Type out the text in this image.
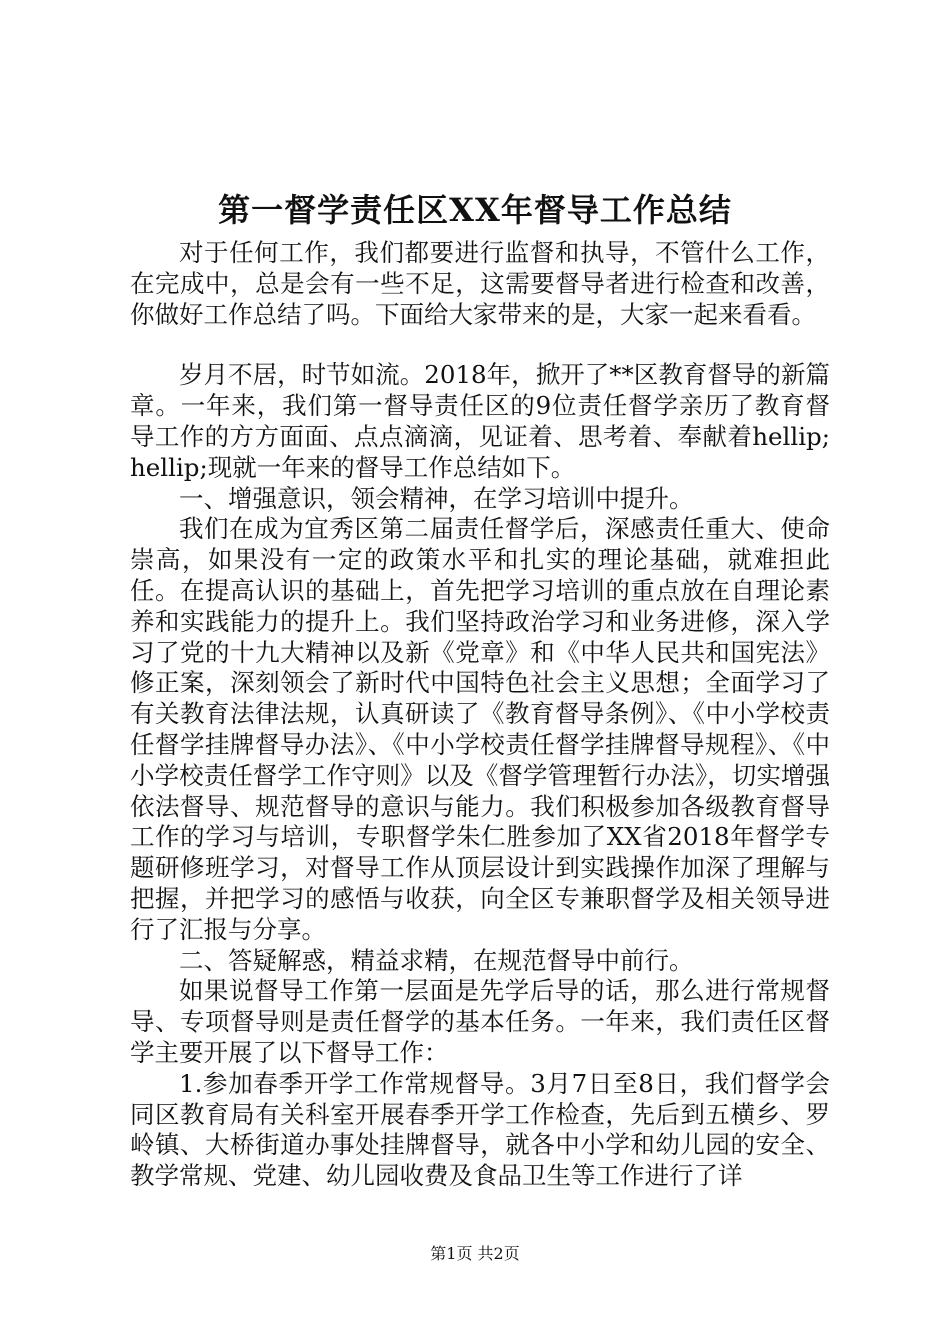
第一督学责任区XX年督导工作总结

对于任何工作，我们都要进行监督和执导，不管什么工作，在完成中，总是会有一些不足，这需要督导者进行检查和改善，你做好工作总结了吗。下面给大家带来的是，大家一起来看看。

岁月不居，时节如流。2018年，掀开了**区教育督导的新篇章。一年来，我们第一督导责任区的9位责任督学亲历了教育督导工作的方方面面、点点滴滴，见证着、思考着、奉献着hellip;hellip;现就一年来的督导工作总结如下。

一、增强意识，领会精神，在学习培训中提升。

我们在成为宜秀区第二届责任督学后，深感责任重大、使命崇高，如果没有一定的政策水平和扎实的理论基础，就难担此任。在提高认识的基础上，首先把学习培训的重点放在自理论素养和实践能力的提升上。我们坚持政治学习和业务进修，深入学习了党的十九大精神以及新《党章》和《中华人民共和国宪法》修正案，深刻领会了新时代中国特色社会主义思想；全面学习了有关教育法律法规，认真研读了《教育督导条例》、《中小学校责任督学挂牌督导办法》、《中小学校责任督学挂牌督导规程》、《中小学校责任督学工作守则》以及《督学管理暂行办法》，切实增强依法督导、规范督导的意识与能力。我们积极参加各级教育督导工作的学习与培训，专职督学朱仁胜参加了XX省2018年督学专题研修班学习，对督导工作从顶层设计到实践操作加深了理解与把握，并把学习的感悟与收获，向全区专兼职督学及相关领导进行了汇报与分享。

二、答疑解惑，精益求精，在规范督导中前行。

如果说督导工作第一层面是先学后导的话，那么进行常规督导、专项督导则是责任督学的基本任务。一年来，我们责任区督学主要开展了以下督导工作：

1.参加春季开学工作常规督导。3月7日至8日，我们督学会同区教育局有关科室开展春季开学工作检查，先后到五横乡、罗岭镇、大桥街道办事处挂牌督导，就各中小学和幼儿园的安全、教学常规、党建、幼儿园收费及食品卫生等工作进行了详

第1页 共2页
